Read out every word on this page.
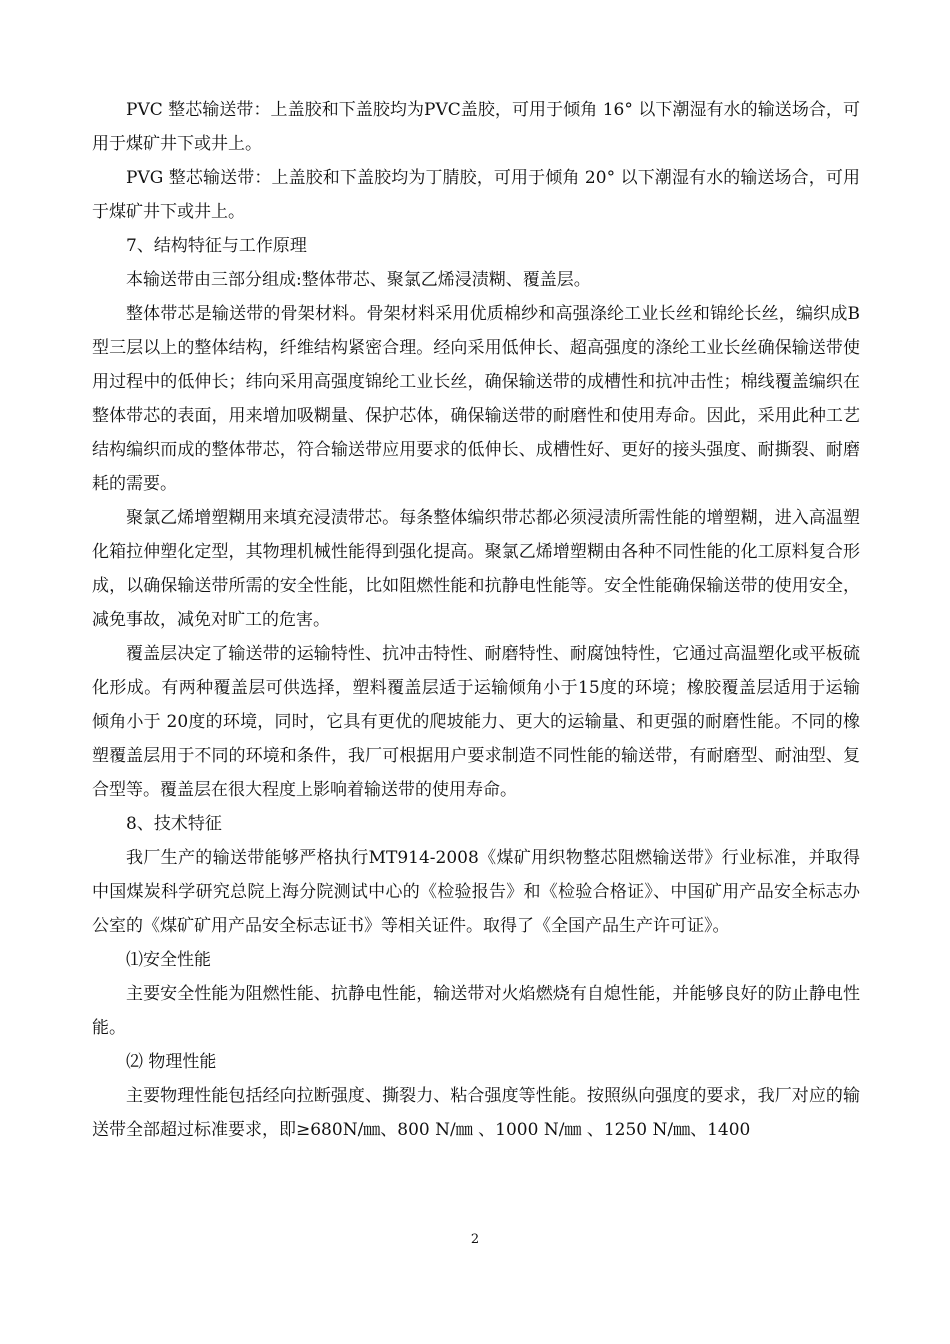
PVC 整芯输送带：上盖胶和下盖胶均为PVC盖胶，可用于倾角 16° 以下潮湿有水的输送场合，可用于煤矿井下或井上。

PVG 整芯输送带：上盖胶和下盖胶均为丁腈胶，可用于倾角 20° 以下潮湿有水的输送场合，可用于煤矿井下或井上。

7、结构特征与工作原理

本输送带由三部分组成:整体带芯、聚氯乙烯浸渍糊、覆盖层。

整体带芯是输送带的骨架材料。骨架材料采用优质棉纱和高强涤纶工业长丝和锦纶长丝，编织成B型三层以上的整体结构，纤维结构紧密合理。经向采用低伸长、超高强度的涤纶工业长丝确保输送带使用过程中的低伸长；纬向采用高强度锦纶工业长丝，确保输送带的成槽性和抗冲击性；棉线覆盖编织在整体带芯的表面，用来增加吸糊量、保护芯体，确保输送带的耐磨性和使用寿命。因此，采用此种工艺结构编织而成的整体带芯，符合输送带应用要求的低伸长、成槽性好、更好的接头强度、耐撕裂、耐磨耗的需要。

聚氯乙烯增塑糊用来填充浸渍带芯。每条整体编织带芯都必须浸渍所需性能的增塑糊，进入高温塑化箱拉伸塑化定型，其物理机械性能得到强化提高。聚氯乙烯增塑糊由各种不同性能的化工原料复合形成，以确保输送带所需的安全性能，比如阻燃性能和抗静电性能等。安全性能确保输送带的使用安全，减免事故，减免对旷工的危害。

覆盖层决定了输送带的运输特性、抗冲击特性、耐磨特性、耐腐蚀特性，它通过高温塑化或平板硫化形成。有两种覆盖层可供选择，塑料覆盖层适于运输倾角小于15度的环境；橡胶覆盖层适用于运输倾角小于 20度的环境，同时，它具有更优的爬坡能力、更大的运输量、和更强的耐磨性能。不同的橡塑覆盖层用于不同的环境和条件，我厂可根据用户要求制造不同性能的输送带，有耐磨型、耐油型、复合型等。覆盖层在很大程度上影响着输送带的使用寿命。

8、技术特征

我厂生产的输送带能够严格执行MT914-2008《煤矿用织物整芯阻燃输送带》行业标准，并取得中国煤炭科学研究总院上海分院测试中心的《检验报告》和《检验合格证》、中国矿用产品安全标志办公室的《煤矿矿用产品安全标志证书》等相关证件。取得了《全国产品生产许可证》。

⑴安全性能

主要安全性能为阻燃性能、抗静电性能，输送带对火焰燃烧有自熄性能，并能够良好的防止静电性能。

⑵ 物理性能

主要物理性能包括经向拉断强度、撕裂力、粘合强度等性能。按照纵向强度的要求，我厂对应的输送带全部超过标准要求，即≥680N/㎜、800 N/㎜ 、1000 N/㎜ 、1250 N/㎜、1400

2
